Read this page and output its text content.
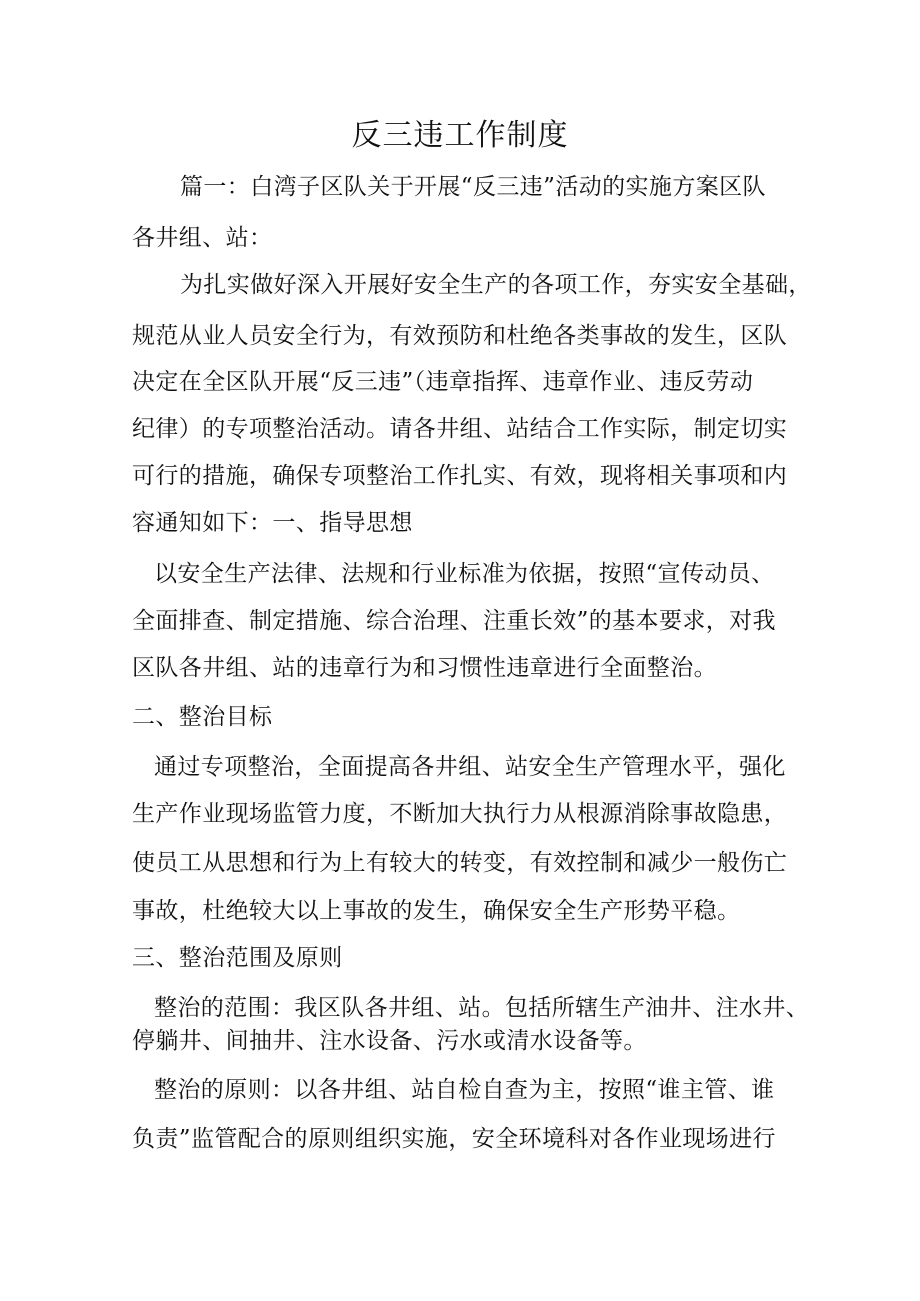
反三违工作制度
篇一：白湾子区队关于开展“反三违”活动的实施方案区队
各井组、站：
为扎实做好深入开展好安全生产的各项工作，夯实安全基础，
规范从业人员安全行为，有效预防和杜绝各类事故的发生，区队
决定在全区队开展“反三违”（违章指挥、违章作业、违反劳动
纪律）的专项整治活动。请各井组、站结合工作实际，制定切实
可行的措施，确保专项整治工作扎实、有效，现将相关事项和内
容通知如下：一、指导思想
以安全生产法律、法规和行业标准为依据，按照“宣传动员、
全面排查、制定措施、综合治理、注重长效”的基本要求，对我
区队各井组、站的违章行为和习惯性违章进行全面整治。
二、整治目标
通过专项整治，全面提高各井组、站安全生产管理水平，强化
生产作业现场监管力度，不断加大执行力从根源消除事故隐患，
使员工从思想和行为上有较大的转变，有效控制和减少一般伤亡
事故，杜绝较大以上事故的发生，确保安全生产形势平稳。
三、整治范围及原则
整治的范围：我区队各井组、站。包括所辖生产油井、注水井、
停躺井、间抽井、注水设备、污水或清水设备等。
整治的原则：以各井组、站自检自查为主，按照“谁主管、谁
负责”监管配合的原则组织实施，安全环境科对各作业现场进行
